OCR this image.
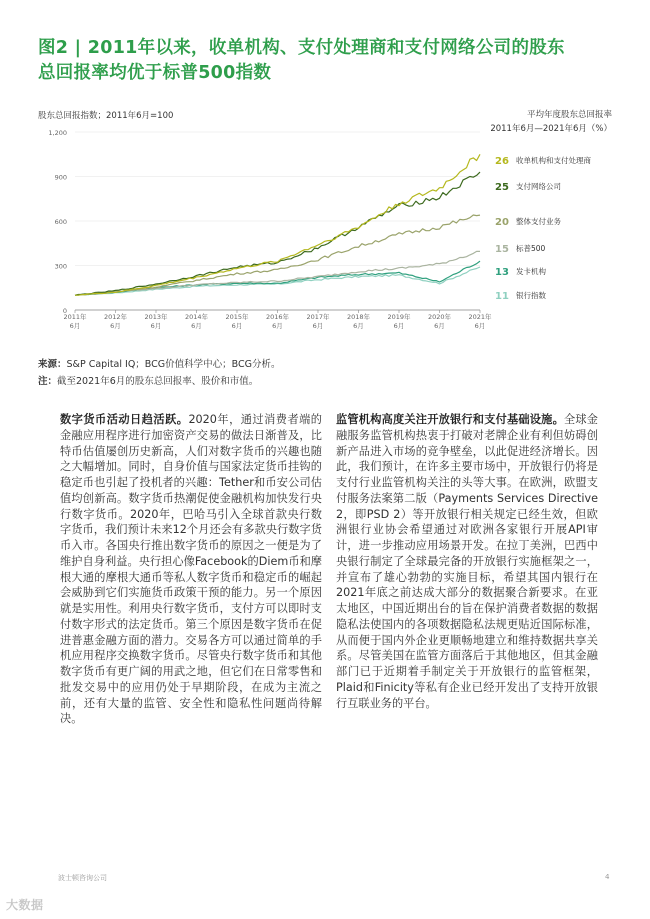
图2 | 2011年以来，收单机构、支付处理商和支付网络公司的股东
总回报率均优于标普500指数
股东总回报指数；2011年6月=100	平均年度股东总回报率
2011年6月—2021年6月（%）
0
300
600
900
1,200
2011年
6月
2012年
6月
2013年
6月
2014年
6月
2015年
6月
2016年
6月
2017年
6月
2018年
6月
2019年
6月
2020年
6月
2021年
6月
26 收单机构和支付处理商
25 支付网络公司
20 整体支付业务
15 标普500
13 发卡机构
11 银行指数
来源：S&P Capital IQ；BCG价值科学中心；BCG分析。
注：截至2021年6月的股东总回报率、股价和市值。
数字货币活动日趋活跃。2020年，通过消费者端的金融应用程序进行加密资产交易的做法日渐普及，比特币估值屡创历史新高，人们对数字货币的兴趣也随之大幅增加。同时，自身价值与国家法定货币挂钩的稳定币也引起了投机者的兴趣：Tether和币安公司估值均创新高。数字货币热潮促使金融机构加快发行央行数字货币。2020年，巴哈马引入全球首款央行数字货币，我们预计未来12个月还会有多款央行数字货币入市。各国央行推出数字货币的原因之一便是为了维护自身利益。央行担心像Facebook的Diem币和摩根大通的摩根大通币等私人数字货币和稳定币的崛起会威胁到它们实施货币政策干预的能力。另一个原因就是实用性。利用央行数字货币，支付方可以即时支付数字形式的法定货币。第三个原因是数字货币在促进普惠金融方面的潜力。交易各方可以通过简单的手机应用程序交换数字货币。尽管央行数字货币和其他数字货币有更广阔的用武之地，但它们在日常零售和批发交易中的应用仍处于早期阶段，在成为主流之前，还有大量的监管、安全性和隐私性问题尚待解决。
监管机构高度关注开放银行和支付基础设施。全球金融服务监管机构热衷于打破对老牌企业有利但妨碍创新产品进入市场的竞争壁垒，以此促进经济增长。因此，我们预计，在许多主要市场中，开放银行仍将是支付行业监管机构关注的头等大事。在欧洲，欧盟支付服务法案第二版（Payments Services Directive 2，即PSD 2）等开放银行相关规定已经生效，但欧洲银行业协会希望通过对欧洲各家银行开展API审计，进一步推动应用场景开发。在拉丁美洲，巴西中央银行制定了全球最完备的开放银行实施框架之一，并宣布了雄心勃勃的实施目标，希望其国内银行在2021年底之前达成大部分的数据聚合新要求。在亚太地区，中国近期出台的旨在保护消费者数据的数据隐私法使国内的各项数据隐私法规更贴近国际标准，从而便于国内外企业更顺畅地建立和维持数据共享关系。尽管美国在监管方面落后于其他地区，但其金融部门已于近期着手制定关于开放银行的监管框架，Plaid和Finicity等私有企业已经开发出了支持开放银行互联业务的平台。
波士顿咨询公司	4
大数据
